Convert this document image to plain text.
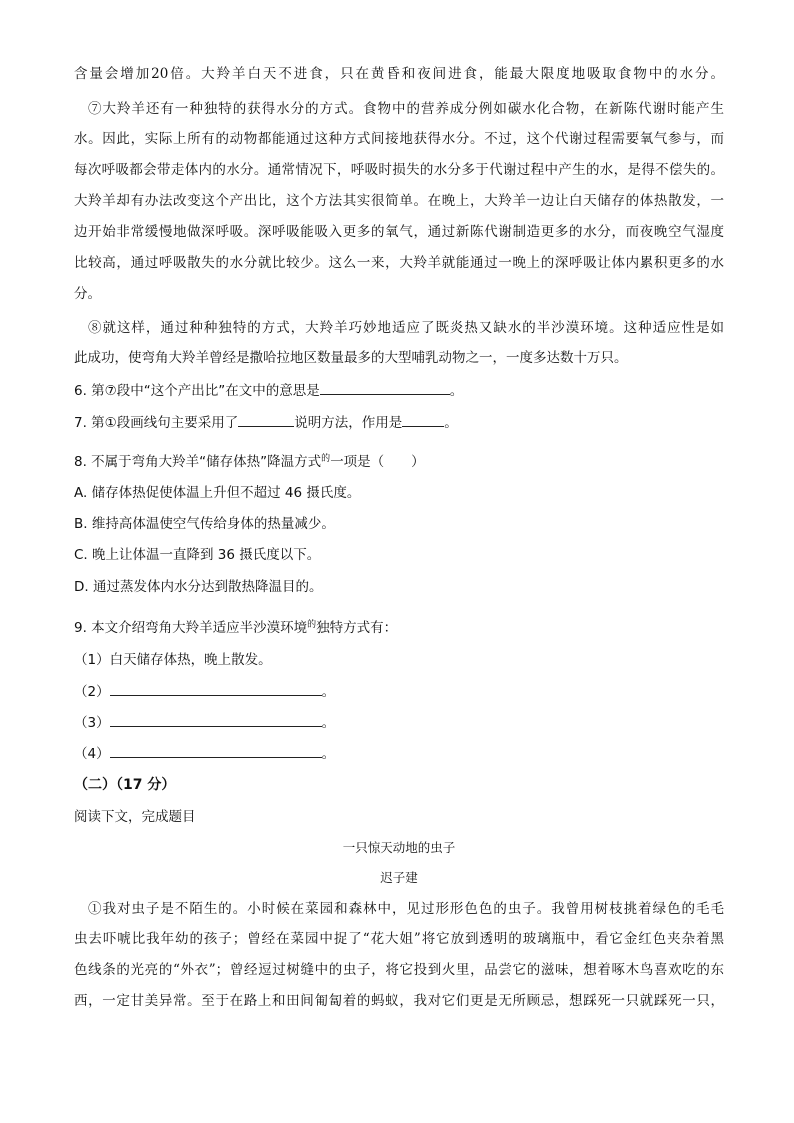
含量会增加20倍。大羚羊白天不进食，只在黄昏和夜间进食，能最大限度地吸取食物中的水分。
⑦大羚羊还有一种独特的获得水分的方式。食物中的营养成分例如碳水化合物，在新陈代谢时能产生
水。因此，实际上所有的动物都能通过这种方式间接地获得水分。不过，这个代谢过程需要氧气参与，而
每次呼吸都会带走体内的水分。通常情况下，呼吸时损失的水分多于代谢过程中产生的水，是得不偿失的。
大羚羊却有办法改变这个产出比，这个方法其实很简单。在晚上，大羚羊一边让白天储存的体热散发，一
边开始非常缓慢地做深呼吸。深呼吸能吸入更多的氧气，通过新陈代谢制造更多的水分，而夜晚空气湿度
比较高，通过呼吸散失的水分就比较少。这么一来，大羚羊就能通过一晚上的深呼吸让体内累积更多的水
分。
⑧就这样，通过种种独特的方式，大羚羊巧妙地适应了既炎热又缺水的半沙漠环境。这种适应性是如
此成功，使弯角大羚羊曾经是撒哈拉地区数量最多的大型哺乳动物之一，一度多达数十万只。
6. 第⑦段中“这个产出比”在文中的意思是	。
7. 第①段画线句主要采用了	说明方法，作用是	。
8. 不属于弯角大羚羊“储存体热”降温方式$^的$一项是（　　）
A. 储存体热促使体温上升但不超过 46 摄氏度。
B. 维持高体温使空气传给身体的热量减少。
C. 晚上让体温一直降到 36 摄氏度以下。
D. 通过蒸发体内水分达到散热降温目的。
9. 本文介绍弯角大羚羊适应半沙漠环境$^的$独特方式有：
（1）白天储存体热，晚上散发。
（2）	。
（3）	。
（4）	。
（二）（17 分）
阅读下文，完成题目
一只惊天动地的虫子
迟子建
①我对虫子是不陌生的。小时候在菜园和森林中，见过形形色色的虫子。我曾用树枝挑着绿色的毛毛
虫去吓唬比我年幼的孩子；曾经在菜园中捉了“花大姐”将它放到透明的玻璃瓶中，看它金红色夹杂着黑
色线条的光亮的“外衣”；曾经逗过树缝中的虫子，将它投到火里，品尝它的滋味，想着啄木鸟喜欢吃的东
西，一定甘美异常。至于在路上和田间匍匐着的蚂蚁，我对它们更是无所顾忌，想踩死一只就踩死一只，
